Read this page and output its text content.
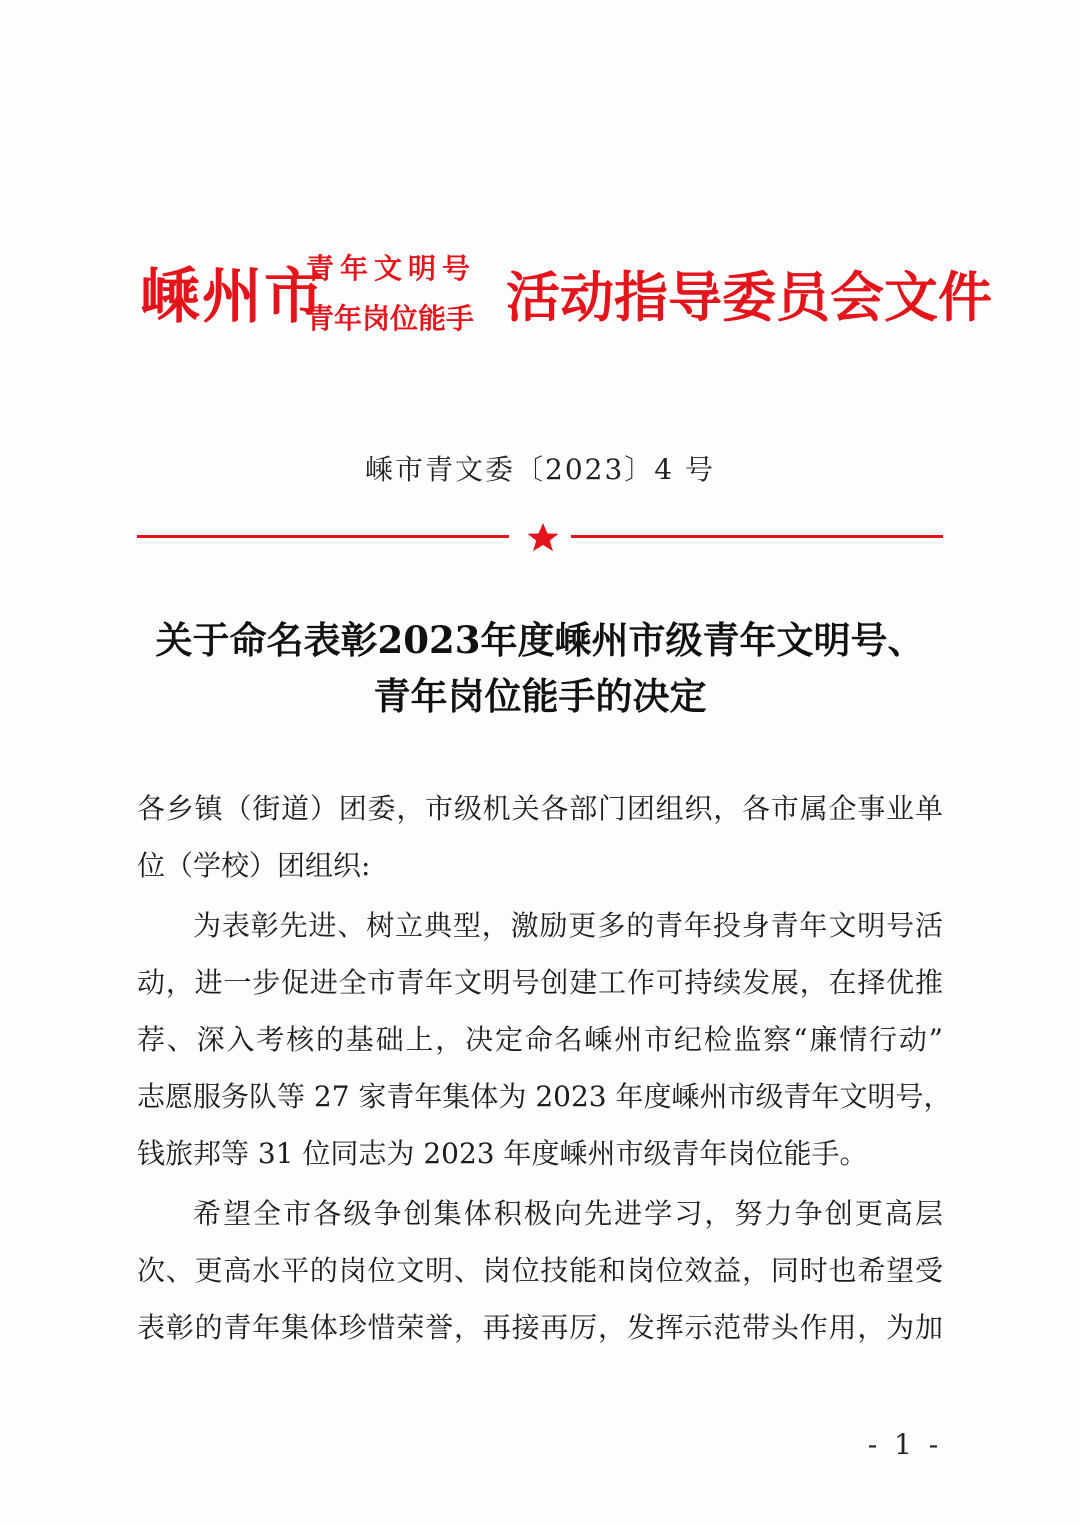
嵊州市
青年文明号
青年岗位能手 活动指导委员会文件
嵊市青文委〔2023〕4 号
关于命名表彰2023年度嵊州市级青年文明号、
青年岗位能手的决定
各乡镇（街道）团委，市级机关各部门团组织，各市属企事业单
位（学校）团组织:
为表彰先进、树立典型，激励更多的青年投身青年文明号活
动，进一步促进全市青年文明号创建工作可持续发展，在择优推
荐、深入考核的基础上，决定命名嵊州市纪检监察“廉情行动”
志愿服务队等 27 家青年集体为 2023 年度嵊州市级青年文明号，
钱旅邦等 31 位同志为 2023 年度嵊州市级青年岗位能手。
希望全市各级争创集体积极向先进学习，努力争创更高层
次、更高水平的岗位文明、岗位技能和岗位效益，同时也希望受
表彰的青年集体珍惜荣誉，再接再厉，发挥示范带头作用，为加
- 1 -
